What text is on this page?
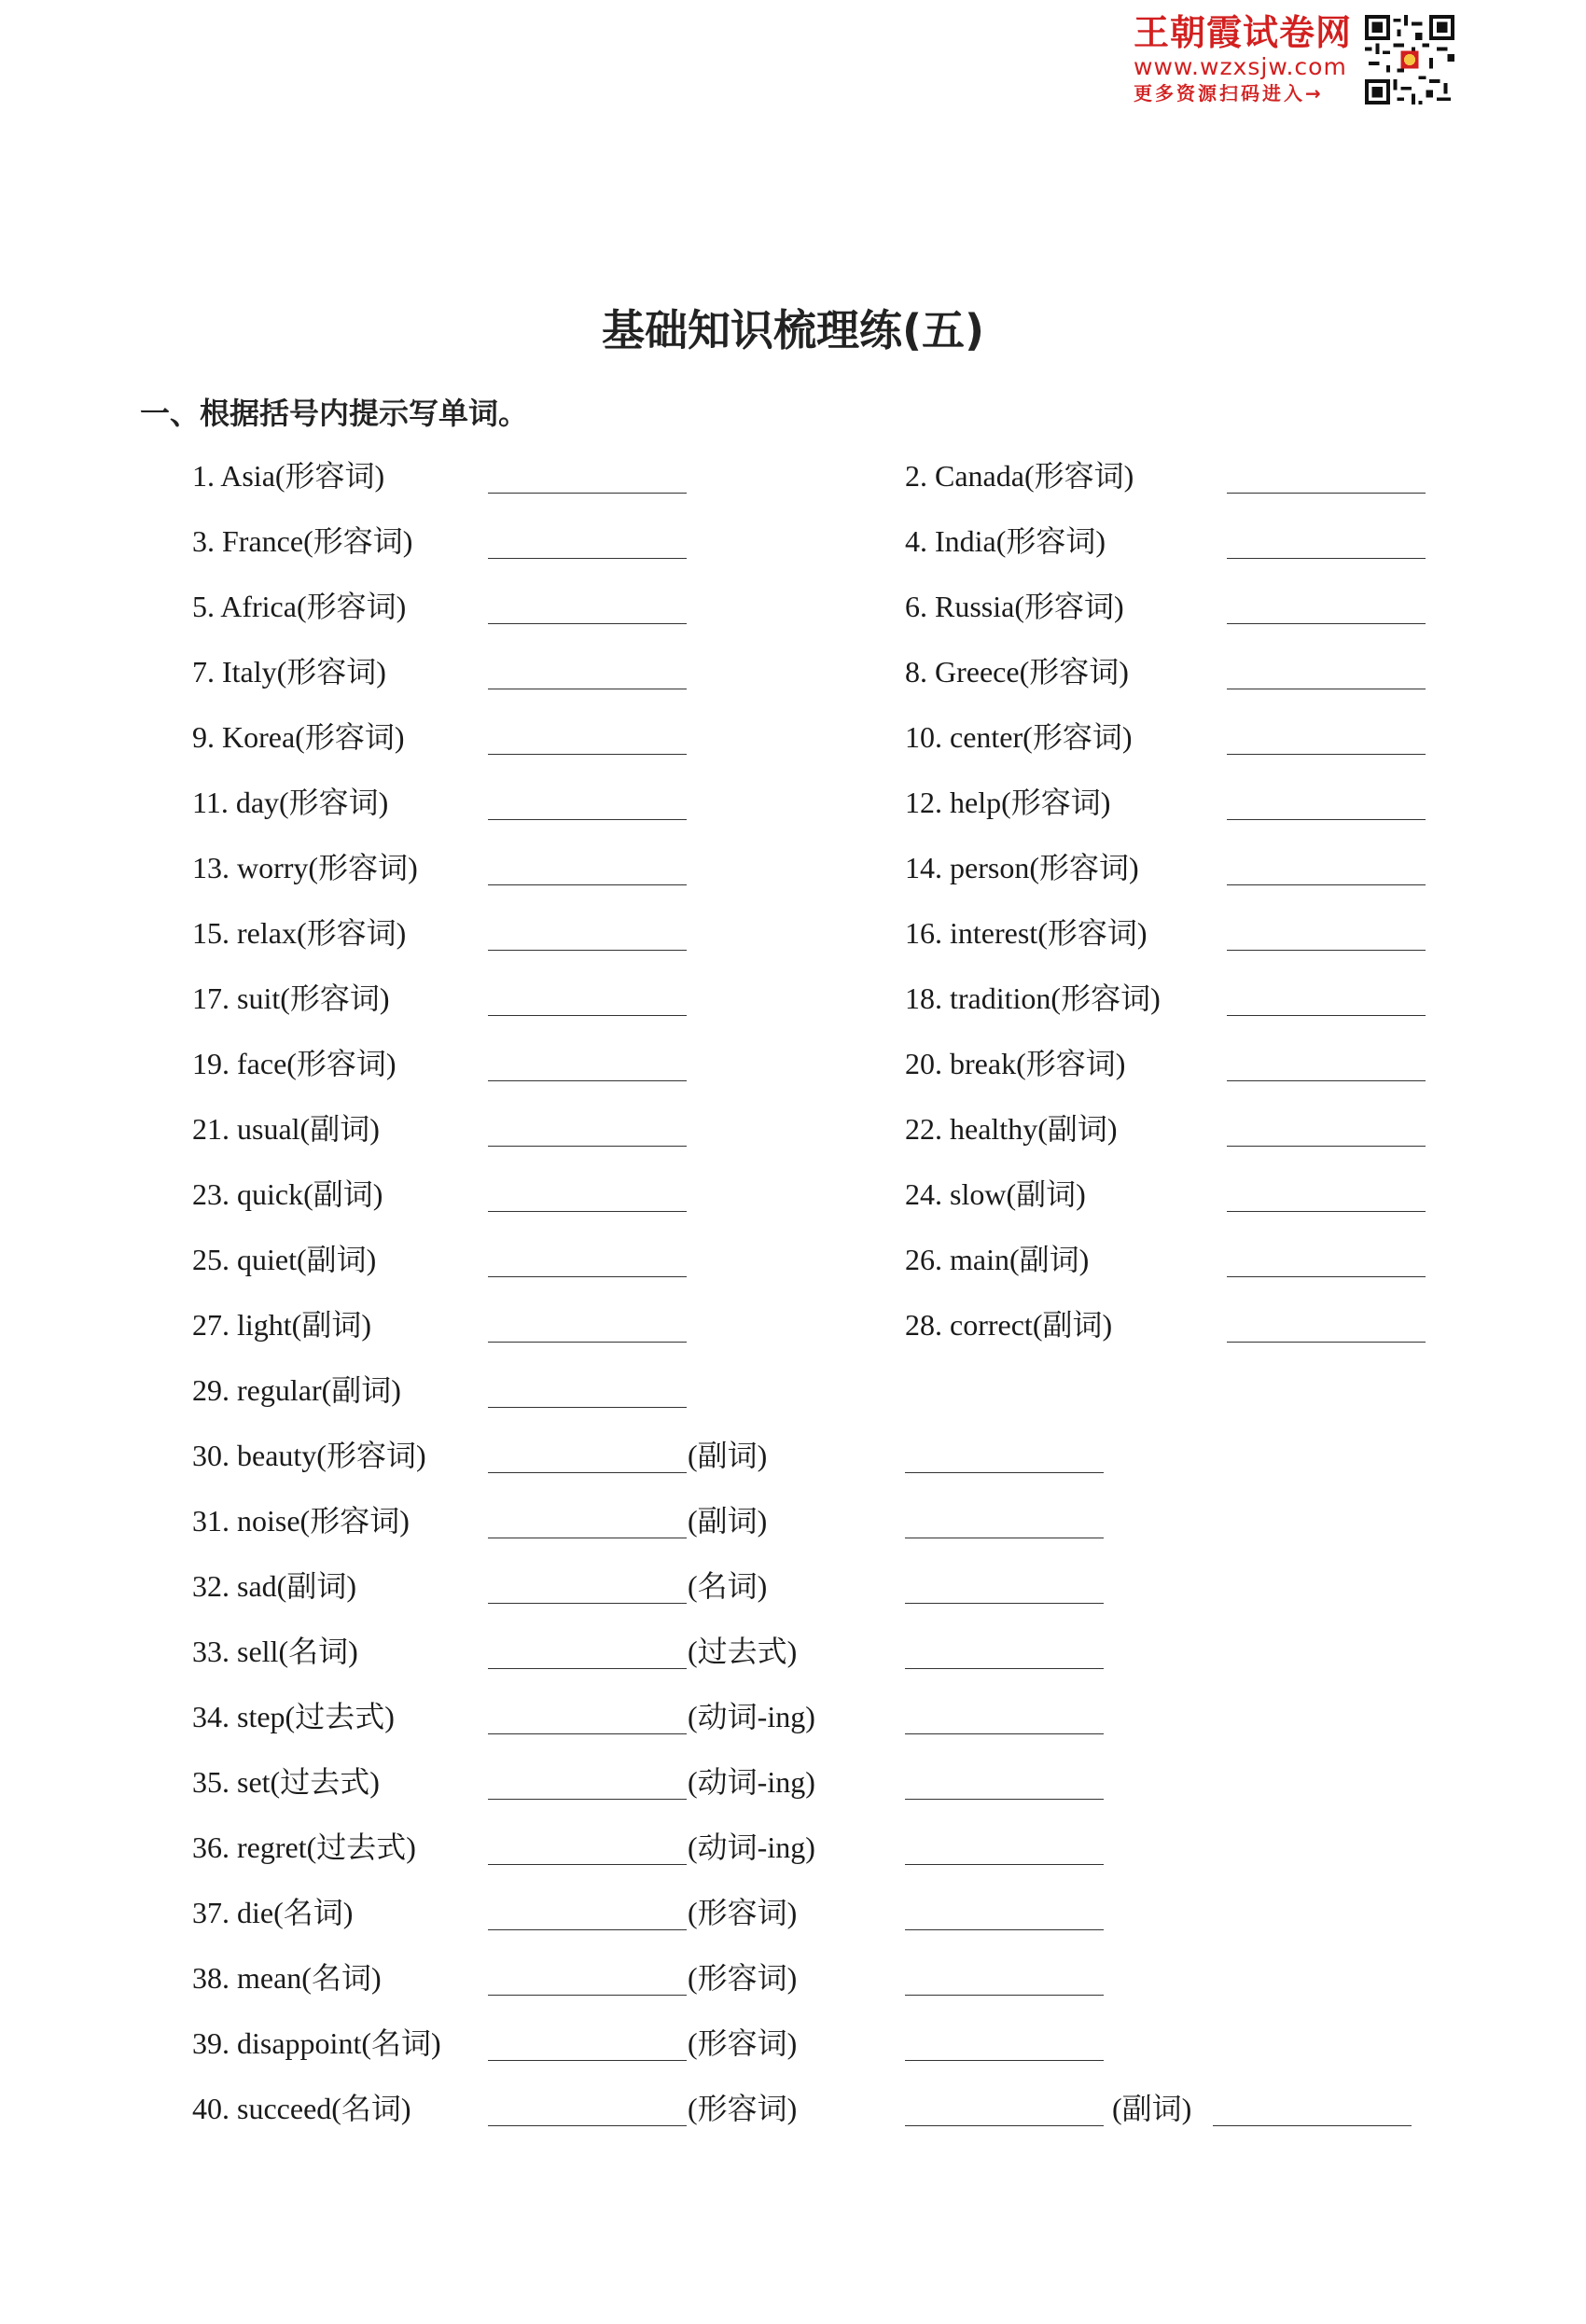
王朝霞试卷网
www.wzxsjw.com
更多资源扫码进入→
基础知识梳理练(五)
一、根据括号内提示写单词。
1. Asia(形容词)	2. Canada(形容词)
3. France(形容词)	4. India(形容词)
5. Africa(形容词)	6. Russia(形容词)
7. Italy(形容词)	8. Greece(形容词)
9. Korea(形容词)	10. center(形容词)
11. day(形容词)	12. help(形容词)
13. worry(形容词)	14. person(形容词)
15. relax(形容词)	16. interest(形容词)
17. suit(形容词)	18. tradition(形容词)
19. face(形容词)	20. break(形容词)
21. usual(副词)	22. healthy(副词)
23. quick(副词)	24. slow(副词)
25. quiet(副词)	26. main(副词)
27. light(副词)	28. correct(副词)
29. regular(副词)
30. beauty(形容词)	(副词)
31. noise(形容词)	(副词)
32. sad(副词)	(名词)
33. sell(名词)	(过去式)
34. step(过去式)	(动词-ing)
35. set(过去式)	(动词-ing)
36. regret(过去式)	(动词-ing)
37. die(名词)	(形容词)
38. mean(名词)	(形容词)
39. disappoint(名词)	(形容词)
40. succeed(名词)	(形容词)	(副词)
